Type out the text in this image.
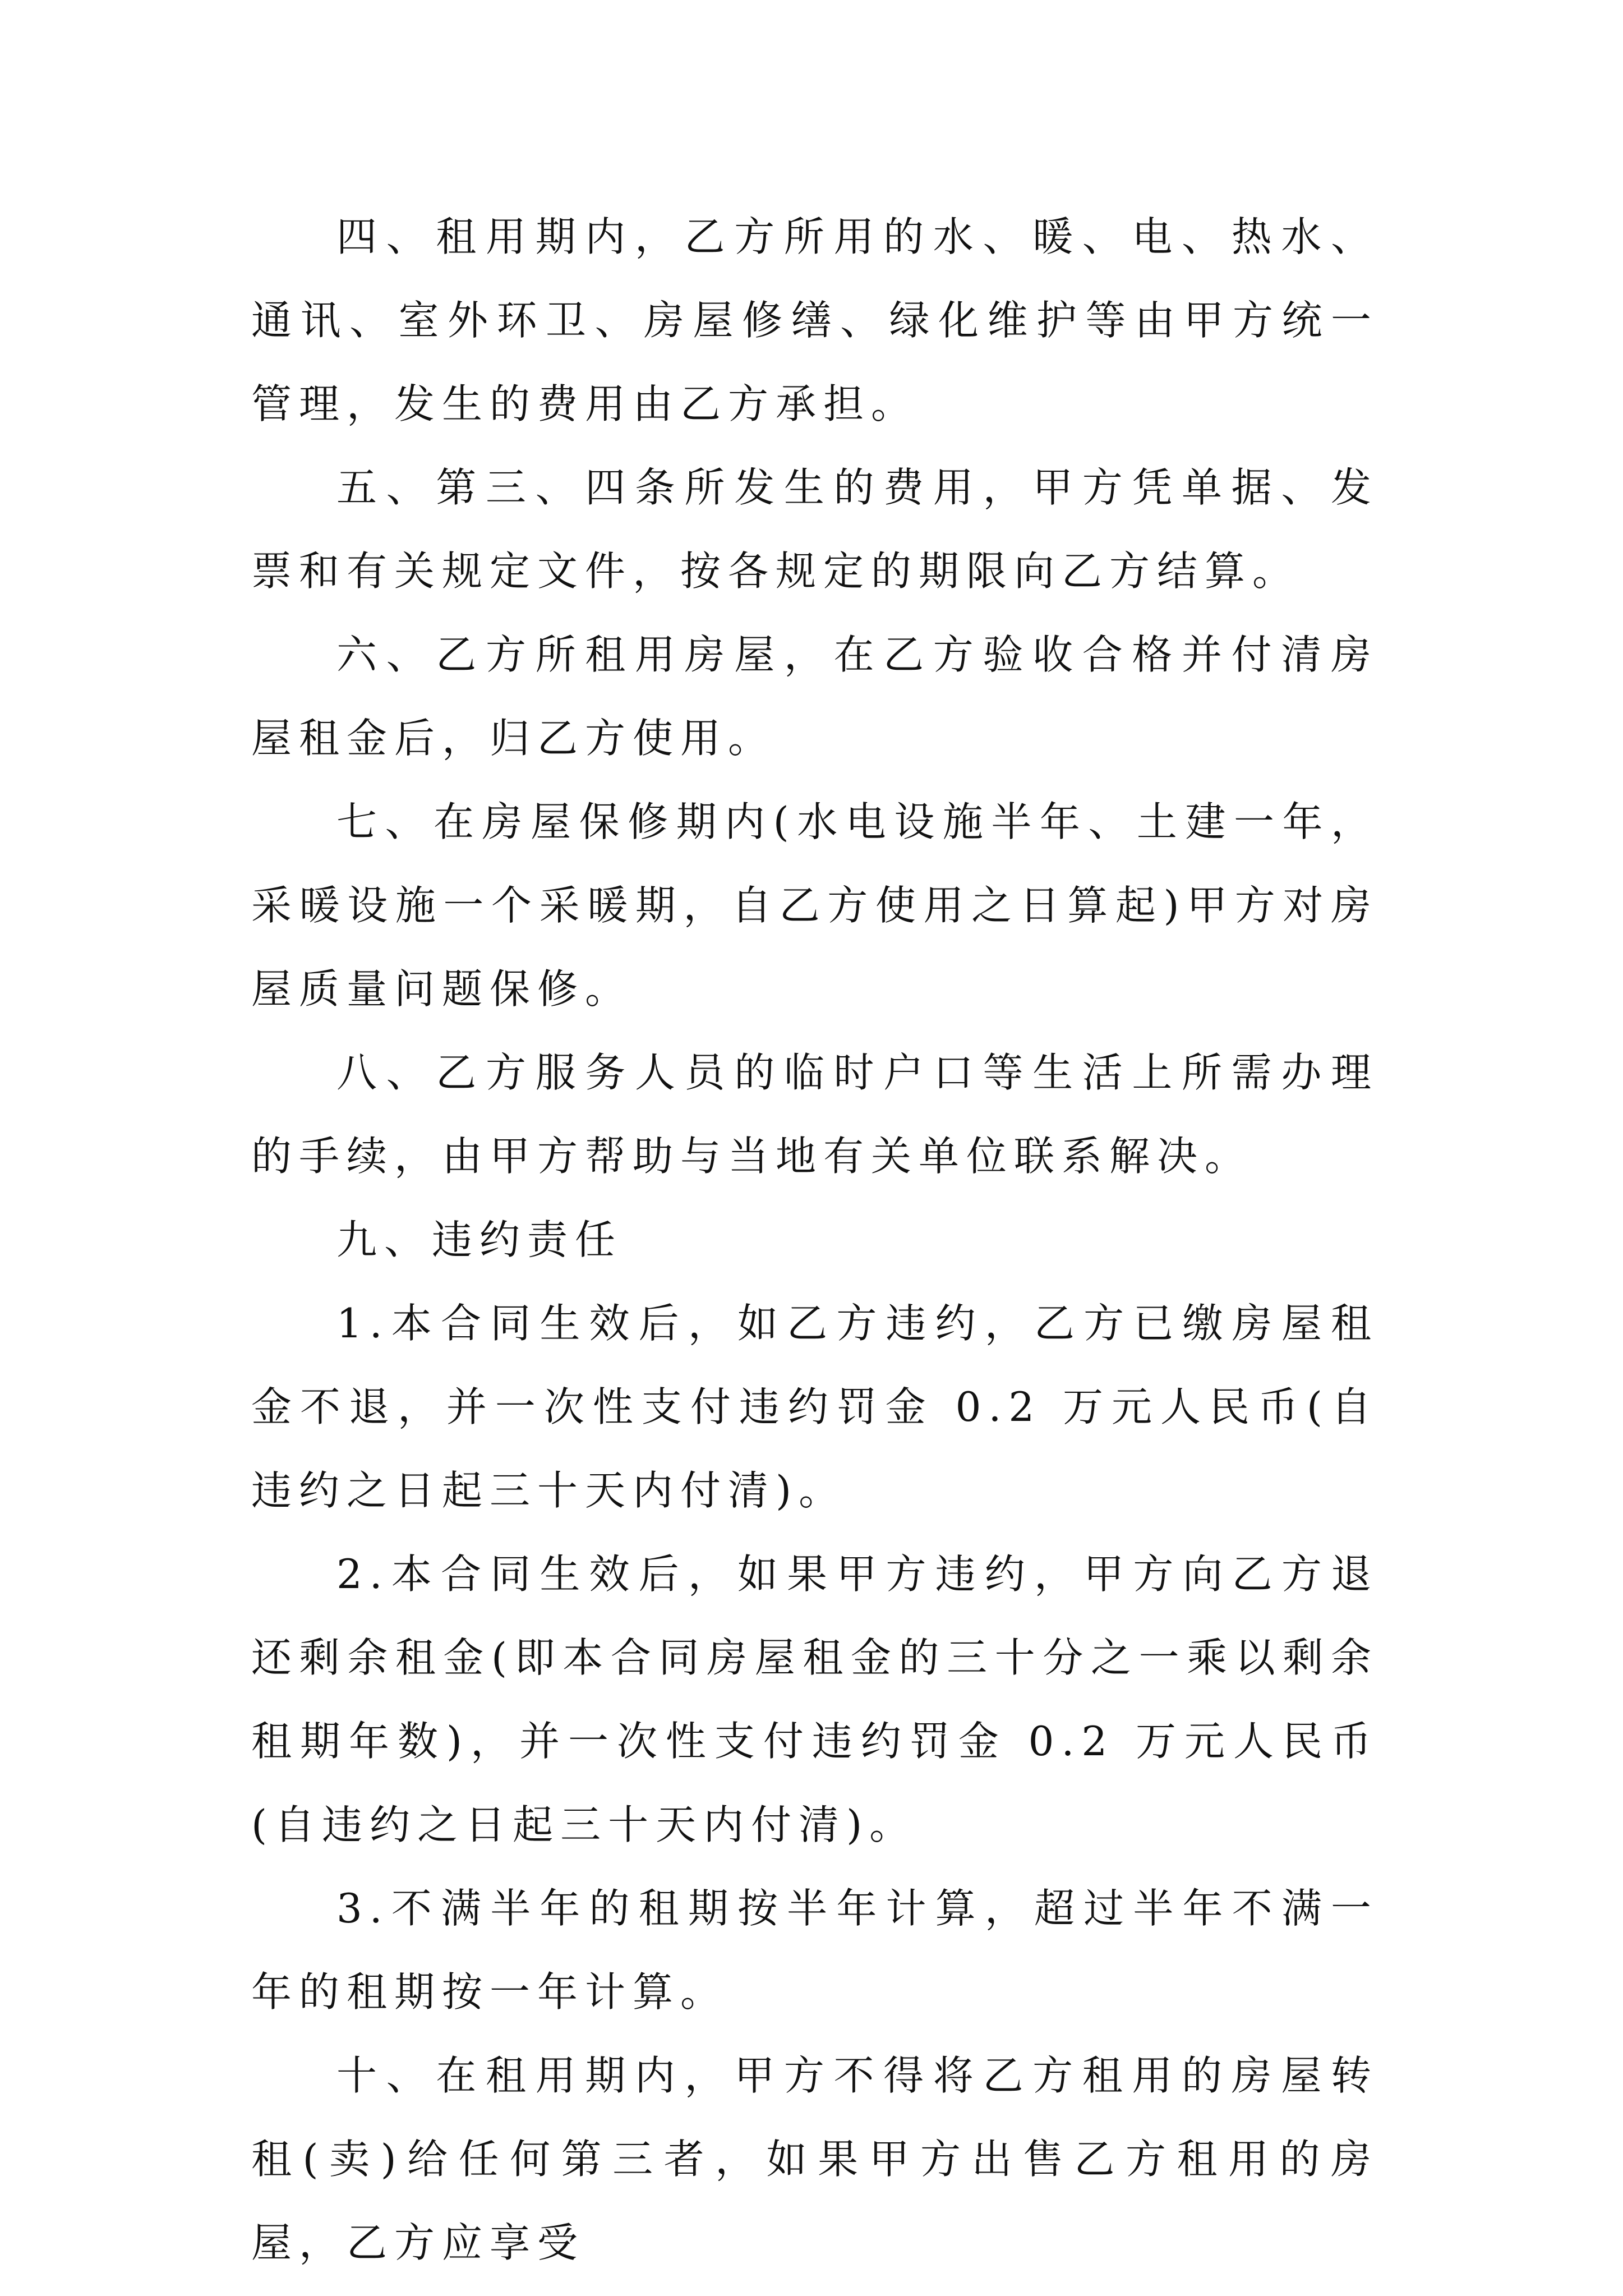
四、租用期内，乙方所用的水、暖、电、热水、通讯、室外环卫、房屋修缮、绿化维护等由甲方统一管理，发生的费用由乙方承担。

五、第三、四条所发生的费用，甲方凭单据、发票和有关规定文件，按各规定的期限向乙方结算。

六、乙方所租用房屋，在乙方验收合格并付清房屋租金后，归乙方使用。

七、在房屋保修期内(水电设施半年、土建一年，采暖设施一个采暖期，自乙方使用之日算起)甲方对房屋质量问题保修。

八、乙方服务人员的临时户口等生活上所需办理的手续，由甲方帮助与当地有关单位联系解决。

九、违约责任

1.本合同生效后，如乙方违约，乙方已缴房屋租金不退，并一次性支付违约罚金 0.2 万元人民币(自违约之日起三十天内付清)。

2.本合同生效后，如果甲方违约，甲方向乙方退还剩余租金(即本合同房屋租金的三十分之一乘以剩余租期年数)，并一次性支付违约罚金 0.2 万元人民币(自违约之日起三十天内付清)。

3.不满半年的租期按半年计算，超过半年不满一年的租期按一年计算。

十、在租用期内，甲方不得将乙方租用的房屋转租(卖)给任何第三者，如果甲方出售乙方租用的房屋，乙方应享受
